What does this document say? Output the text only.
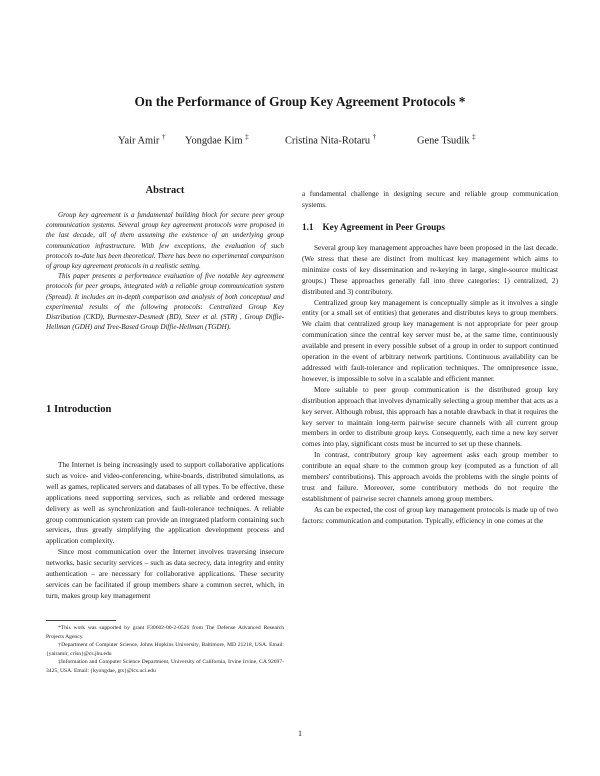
On the Performance of Group Key Agreement Protocols *
Yair Amir † Yongdae Kim ‡	Cristina Nita-Rotaru †	Gene Tsudik ‡
Abstract

Group key agreement is a fundamental building block for secure peer group communication systems. Several group key agreement protocols were proposed in the last decade, all of them assuming the existence of an underlying group communication infrastructure. With few exceptions, the evaluation of such protocols to-date has been theoretical. There has been no experimental comparison of group key agreement protocols in a realistic setting.

This paper presents a performance evaluation of five notable key agreement protocols for peer groups, integrated with a reliable group communication system (Spread). It includes an in-depth comparison and analysis of both conceptual and experimental results of the following protocols: Centralized Group Key Distribution (CKD), Burmester-Desmedt (BD), Steer et al. (STR) , Group Diffie-Hellman (GDH) and Tree-Based Group Diffie-Hellman (TGDH).

1 Introduction

The Internet is being increasingly used to support collaborative applications such as voice- and video-conferencing, white-boards, distributed simulations, as well as games, replicated servers and databases of all types. To be effective, these applications need supporting services, such as reliable and ordered message delivery as well as synchronization and fault-tolerance techniques. A reliable group communication system can provide an integrated platform containing such services, thus greatly simplifying the application development process and application complexity.

Since most communication over the Internet involves traversing insecure networks, basic security services – such as data secrecy, data integrity and entity authentication – are necessary for collaborative applications. These security services can be facilitated if group members share a common secret, which, in turn, makes group key management

*This work was supported by grant F30602-00-2-0526 from The Defense Advanced Research Projects Agency.

†Department of Computer Science, Johns Hopkins University, Baltimore, MD 21218, USA. Email: {yairamir, crisn}@cs.jhu.edu

‡Information and Computer Science Department, University of California, Irvine Irvine, CA 92697-3425, USA. Email: {kyongdae, gts}@ics.uci.edu

a fundamental challenge in designing secure and reliable group communication systems.

1.1 Key Agreement in Peer Groups

Several group key management approaches have been proposed in the last decade. (We stress that these are distinct from multicast key management which aims to minimize costs of key dissemination and re-keying in large, single-source multicast groups.) These approaches generally fall into three categories: 1) centralized, 2) distributed and 3) contributory.

Centralized group key management is conceptually simple as it involves a single entity (or a small set of entities) that generates and distributes keys to group members. We claim that centralized group key management is not appropriate for peer group communication since the central key server must be, at the same time, continuously available and present in every possible subset of a group in order to support continued operation in the event of arbitrary network partitions. Continuous availability can be addressed with fault-tolerance and replication techniques. The omnipresence issue, however, is impossible to solve in a scalable and efficient manner.

More suitable to peer group communication is the distributed group key distribution approach that involves dynamically selecting a group member that acts as a key server. Although robust, this approach has a notable drawback in that it requires the key server to maintain long-term pairwise secure channels with all current group members in order to distribute group keys. Consequently, each time a new key server comes into play, significant costs must be incurred to set up these channels.

In contrast, contributory group key agreement asks each group member to contribute an equal share to the common group key (computed as a function of all members' contributions). This approach avoids the problems with the single points of trust and failure. Moreover, some contributory methods do not require the establishment of pairwise secret channels among group members.

As can be expected, the cost of group key management protocols is made up of two factors: communication and computation. Typically, efficiency in one comes at the

1
